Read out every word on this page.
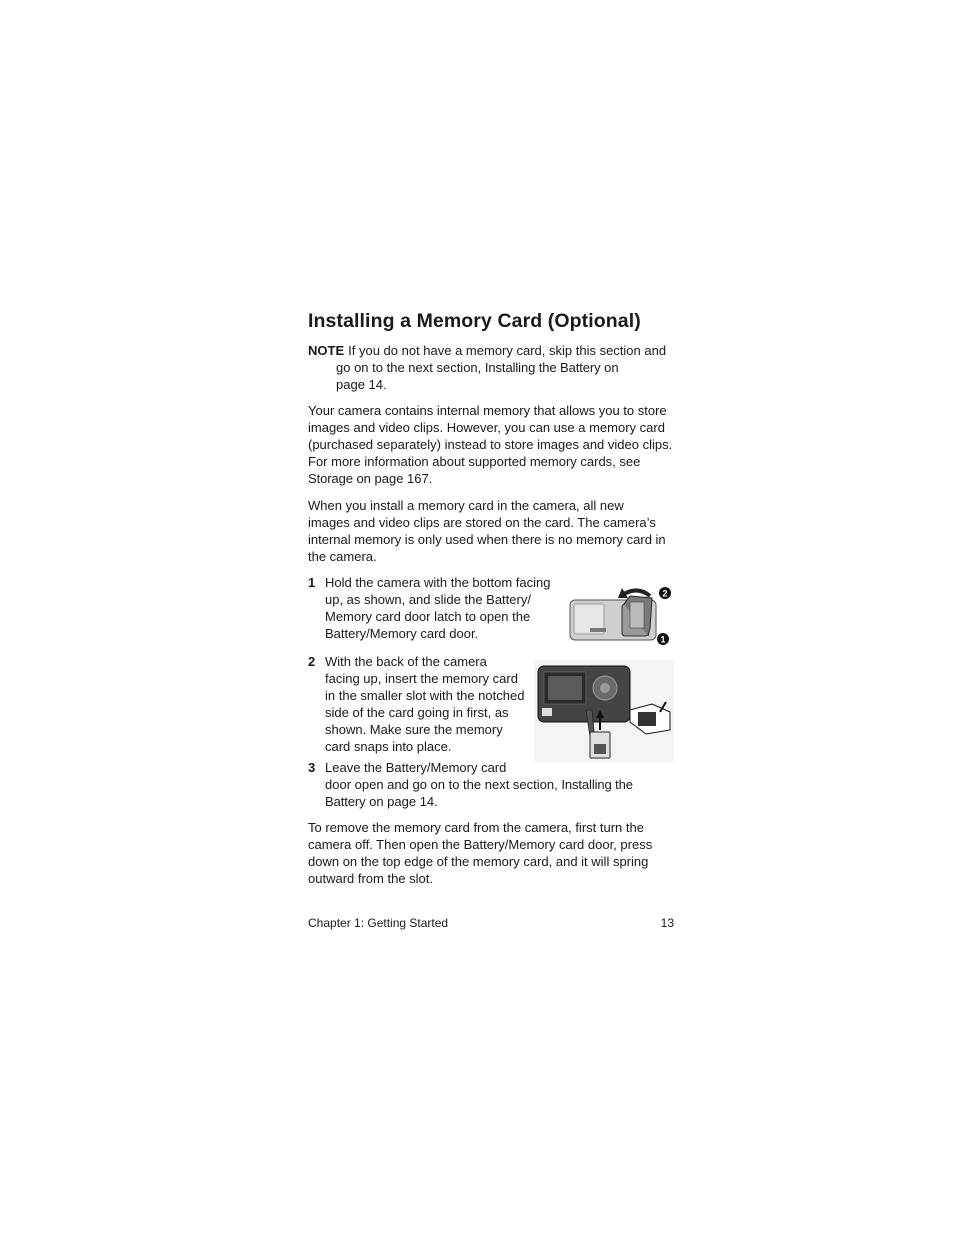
Installing a Memory Card (Optional)
NOTE If you do not have a memory card, skip this section and
go on to the next section, Installing the Battery on
page 14.
Your camera contains internal memory that allows you to store
images and video clips. However, you can use a memory card
(purchased separately) instead to store images and video clips.
For more information about supported memory cards, see
Storage on page 167.
When you install a memory card in the camera, all new
images and video clips are stored on the card. The camera’s
internal memory is only used when there is no memory card in
the camera.
1 Hold the camera with the bottom facing
up, as shown, and slide the Battery/
Memory card door latch to open the
Battery/Memory card door.
2
1
2 With the back of the camera
facing up, insert the memory card
in the smaller slot with the notched
side of the card going in first, as
shown. Make sure the memory
card snaps into place.
3 Leave the Battery/Memory card
door open and go on to the next section, Installing the
Battery on page 14.
To remove the memory card from the camera, first turn the
camera off. Then open the Battery/Memory card door, press
down on the top edge of the memory card, and it will spring
outward from the slot.
Chapter 1: Getting Started	13
